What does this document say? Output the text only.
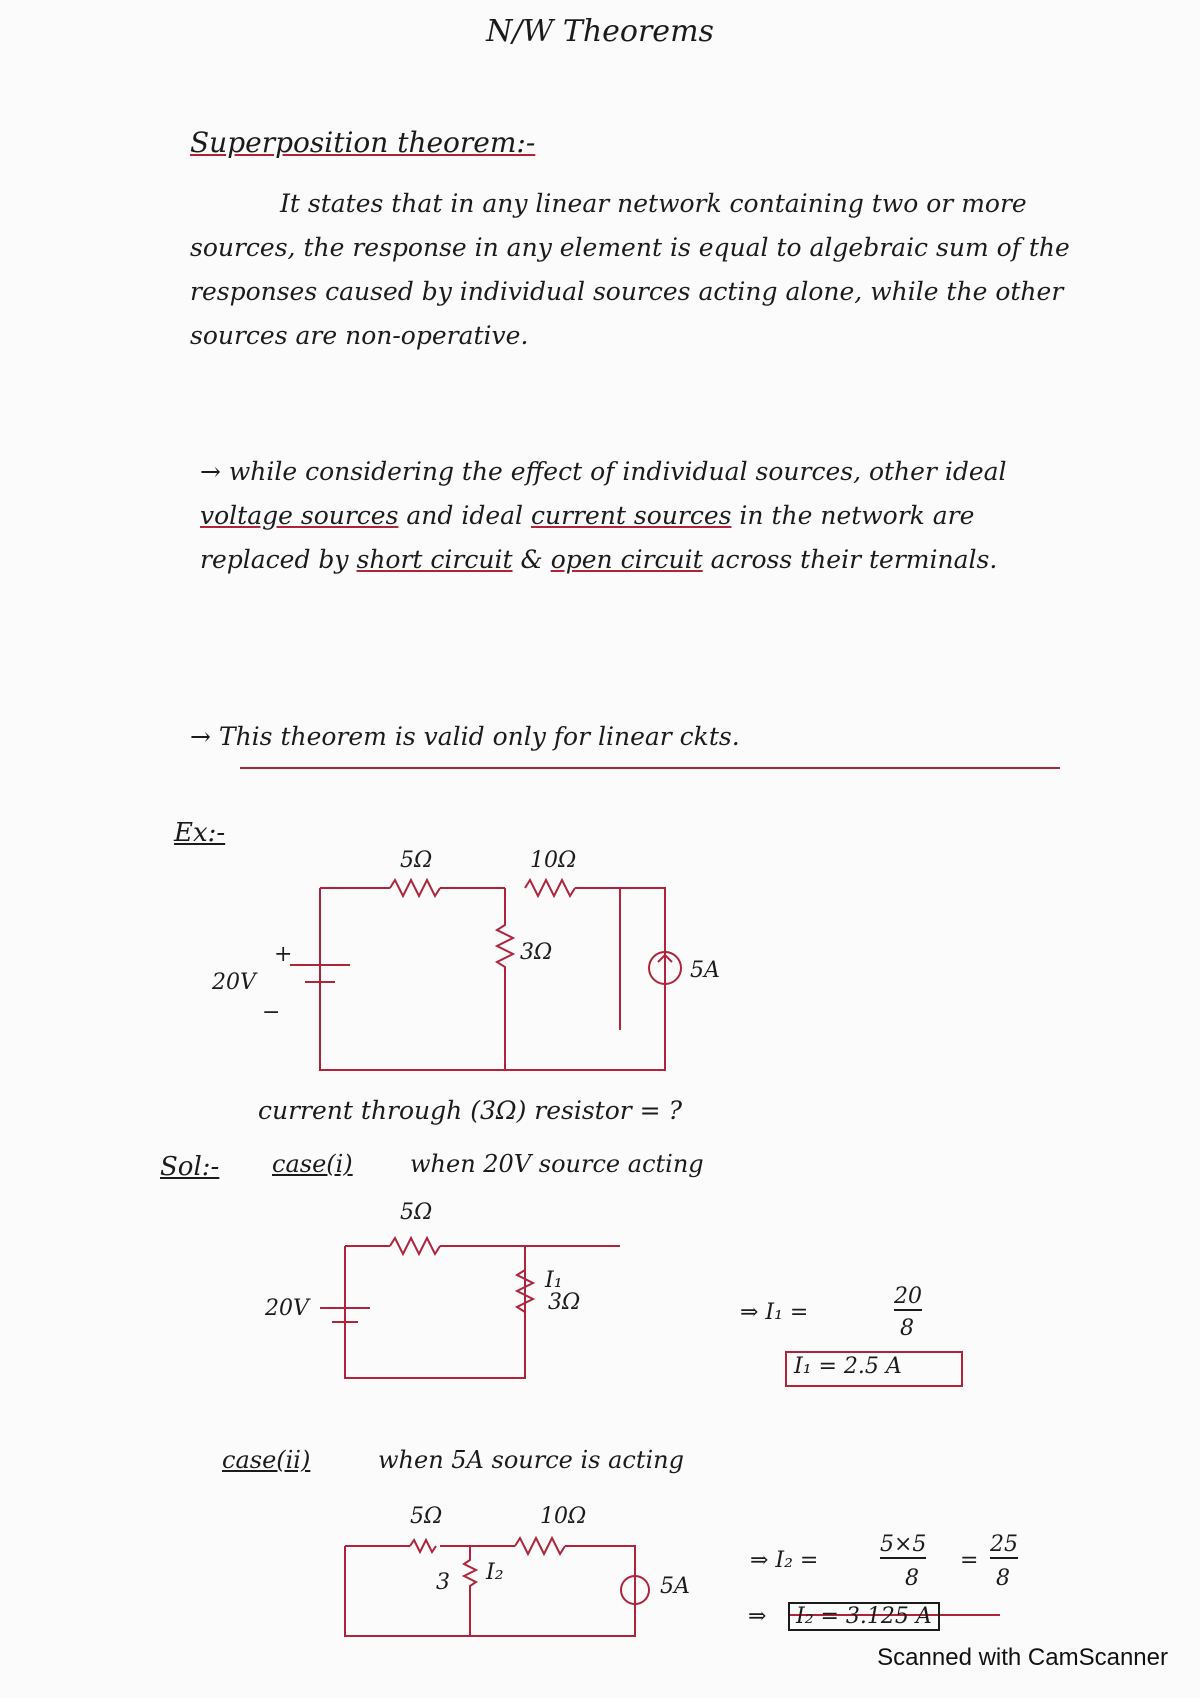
N/W Theorems
Superposition theorem:-
It states that in any linear network containing two or more sources, the response in any element is equal to algebraic sum of the responses caused by individual sources acting alone, while the other sources are non-operative.
→ while considering the effect of individual sources, other ideal voltage sources and ideal current sources in the network are replaced by short circuit & open circuit across their terminals.
→ This theorem is valid only for linear ckts.
Ex:-
5Ω	10Ω
3Ω
20V
+
−
5A
current through (3Ω) resistor = ?
Sol:- case(i) when 20V source acting
5Ω
3Ω
20V
I₁
⇒ I₁ =
20
8
I₁ = 2.5 A
case(ii)	when 5A source is acting
5Ω	10Ω
3 I₂
5A
⇒ I₂ =
5×5
8
=
25
8
⇒	I₂ = 3.125 A
Scanned with CamScanner
